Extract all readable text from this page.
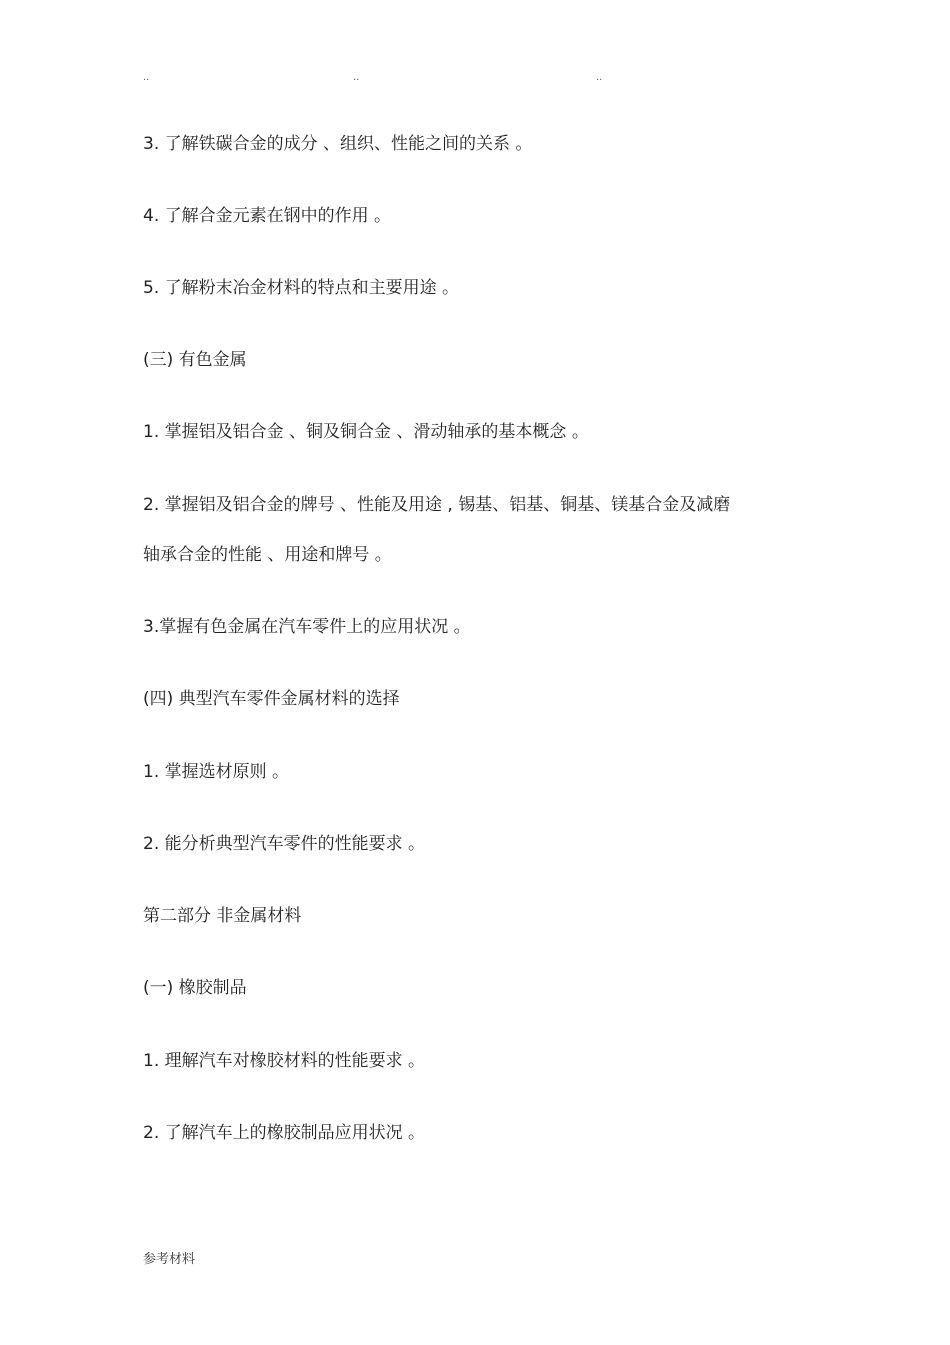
..	..	..
3. 了解铁碳合金的成分 、组织、性能之间的关系 。
4. 了解合金元素在钢中的作用 。
5. 了解粉末冶金材料的特点和主要用途 。
(三) 有色金属
1. 掌握铝及铝合金 、铜及铜合金 、滑动轴承的基本概念 。
2. 掌握铝及铝合金的牌号 、性能及用途 , 锡基、铝基、铜基、镁基合金及减磨
轴承合金的性能 、用途和牌号 。
3.掌握有色金属在汽车零件上的应用状况 。
(四) 典型汽车零件金属材料的选择
1. 掌握选材原则 。
2. 能分析典型汽车零件的性能要求 。
第二部分 非金属材料
(一) 橡胶制品
1. 理解汽车对橡胶材料的性能要求 。
2. 了解汽车上的橡胶制品应用状况 。
参考材料
